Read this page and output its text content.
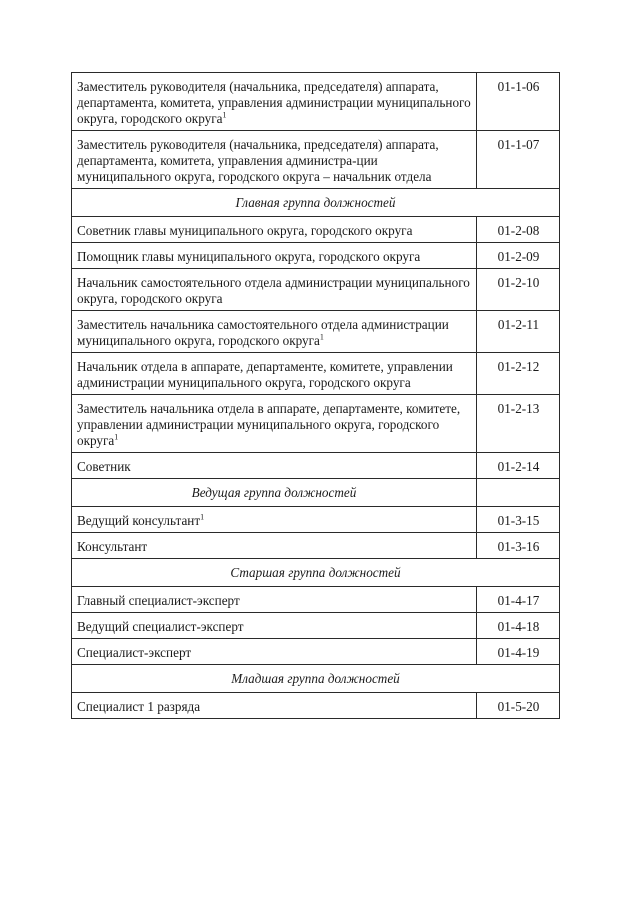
Заместитель руководителя (начальника, председателя) аппарата, департамента, комитета, управления администрации муниципального округа, городского округа$^1$	01-1-06
Заместитель руководителя (начальника, председателя) аппарата, департамента, комитета, управления администра-ции муниципального округа, городского округа – начальник отдела	01-1-07
Главная группа должностей	
Советник главы муниципального округа, городского округа	01-2-08
Помощник главы муниципального округа, городского округа	01-2-09
Начальник самостоятельного отдела администрации муниципального округа, городского округа	01-2-10
Заместитель начальника самостоятельного отдела администрации муниципального округа, городского округа$^1$	01-2-11
Начальник отдела в аппарате, департаменте, комитете, управлении администрации муниципального округа, городского округа	01-2-12
Заместитель начальника отдела в аппарате, департаменте, комитете, управлении администрации муниципального округа, городского округа$^1$	01-2-13
Советник	01-2-14
Ведущая группа должностей	
Ведущий консультант$^1$	01-3-15
Консультант	01-3-16
Старшая группа должностей	
Главный специалист-эксперт	01-4-17
Ведущий специалист-эксперт	01-4-18
Специалист-эксперт	01-4-19
Младшая группа должностей	
Специалист 1 разряда	01-5-20
